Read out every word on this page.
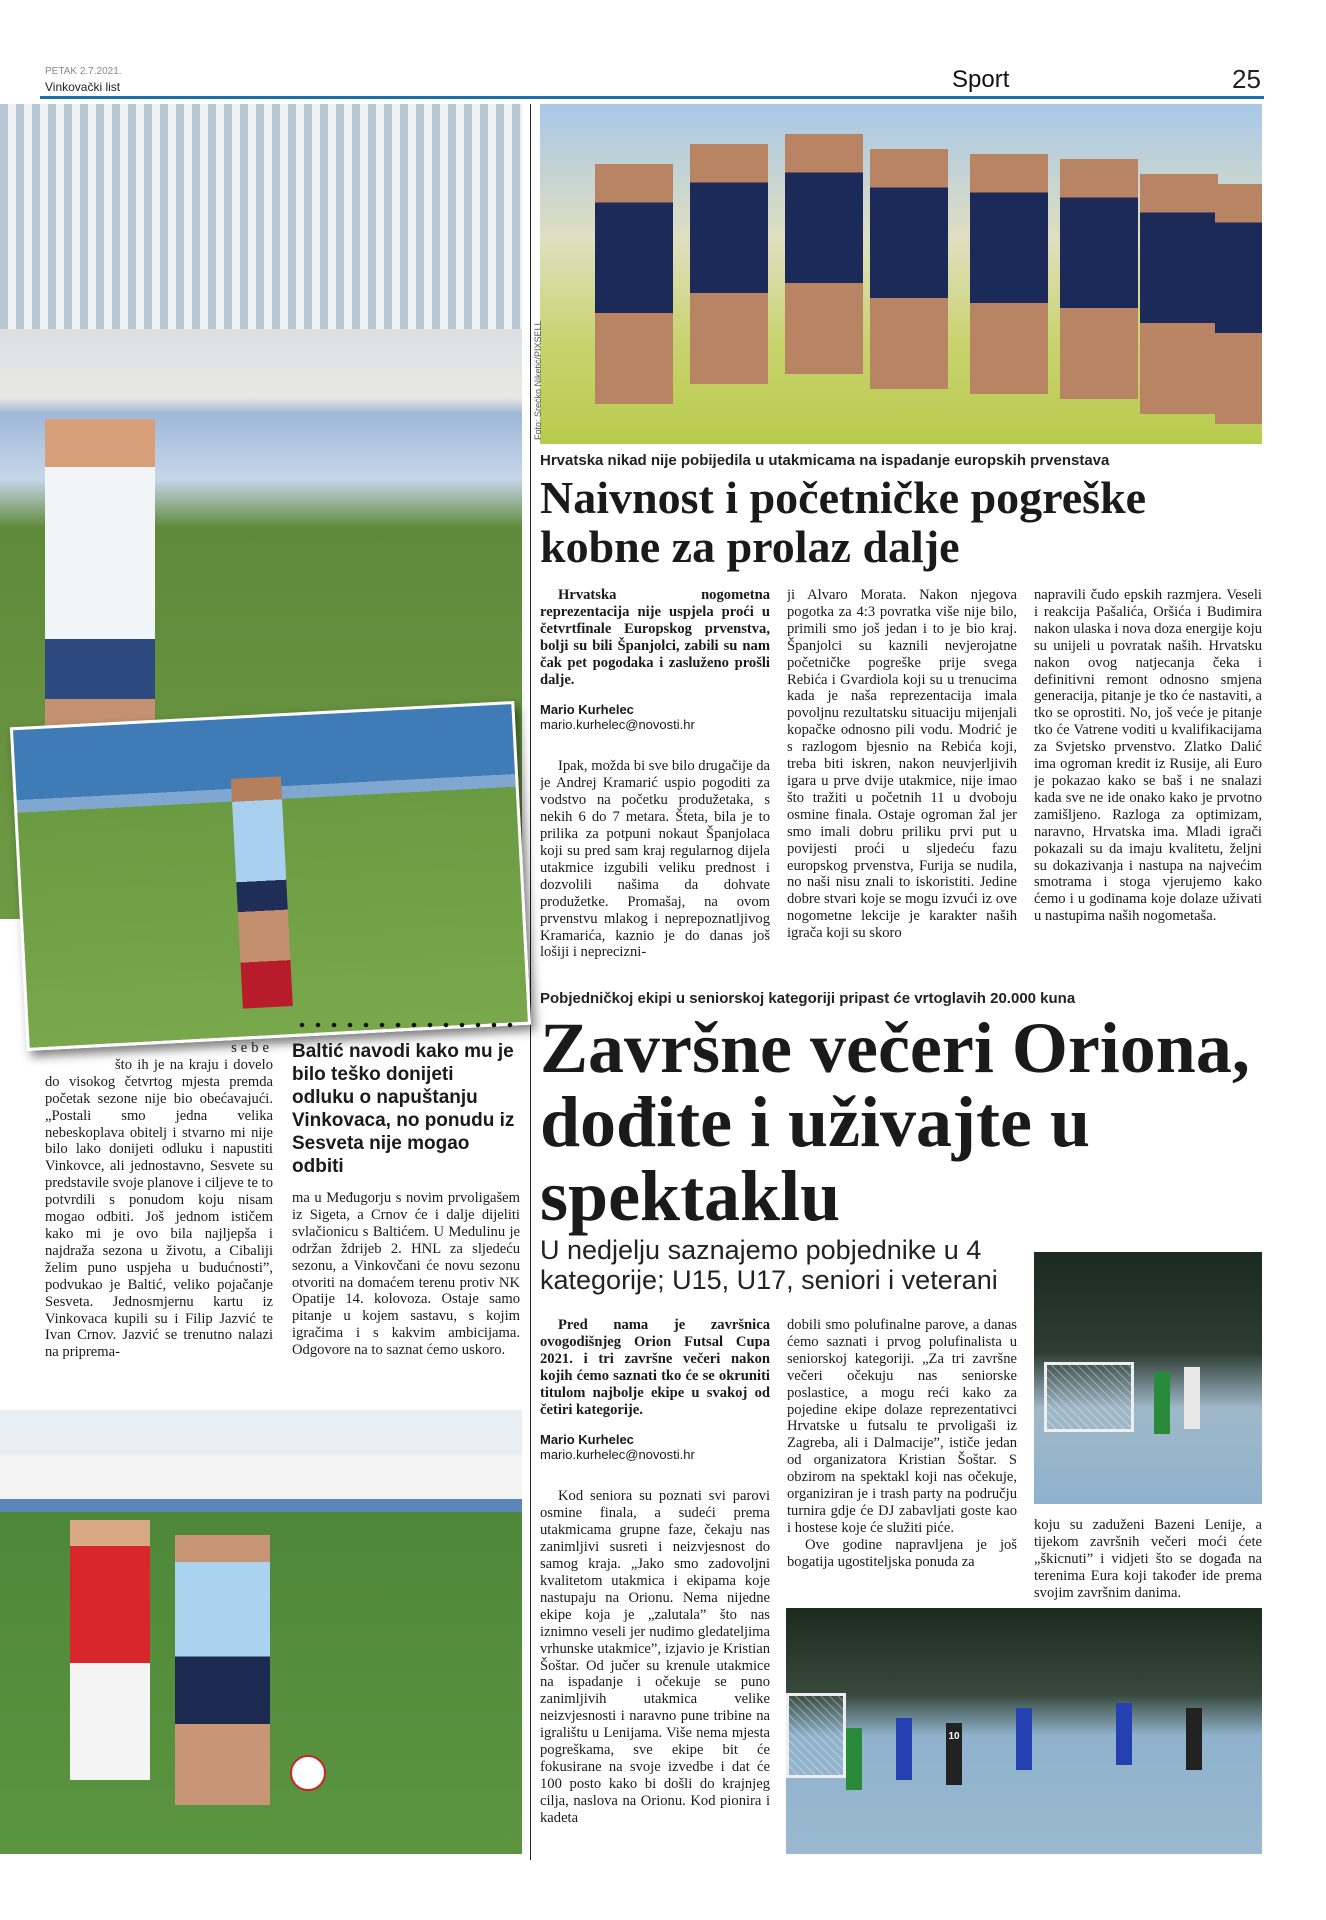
PETAK 2.7.2021.
Vinkovački list	Sport	25
Foto: Srećko Niketić/PIXSELL
Hrvatska nikad nije pobijedila u utakmicama na ispadanje europskih prvenstava
Naivnost i početničke pogreške kobne za prolaz dalje

Hrvatska nogometna reprezentacija nije uspjela proći u četvrtfinale Europskog prvenstva, bolji su bili Španjolci, zabili su nam čak pet pogodaka i zasluženo prošli dalje.

Mario Kurhelec
mario.kurhelec@novosti.hr

Ipak, možda bi sve bilo drugačije da je Andrej Kramarić uspio pogoditi za vodstvo na početku produžetaka, s nekih 6 do 7 metara. Šteta, bila je to prilika za potpuni nokaut Španjolaca koji su pred sam kraj regularnog dijela utakmice izgubili veliku prednost i dozvolili našima da dohvate produžetke. Promašaj, na ovom prvenstvu mlakog i neprepoznatljivog Kramarića, kaznio je do danas još lošiji i neprecizni-

ji Alvaro Morata. Nakon njegova pogotka za 4:3 povratka više nije bilo, primili smo još jedan i to je bio kraj. Španjolci su kaznili nevjerojatne početničke pogreške prije svega Rebića i Gvardiola koji su u trenucima kada je naša reprezentacija imala povoljnu rezultatsku situaciju mijenjali kopačke odnosno pili vodu. Modrić je s razlogom bjesnio na Rebića koji, treba biti iskren, nakon neuvjerljivih igara u prve dvije utakmice, nije imao što tražiti u početnih 11 u dvoboju osmine finala. Ostaje ogroman žal jer smo imali dobru priliku prvi put u povijesti proći u sljedeću fazu europskog prvenstva, Furija se nudila, no naši nisu znali to iskoristiti. Jedine dobre stvari koje se mogu izvući iz ove nogometne lekcije je karakter naših igrača koji su skoro

napravili čudo epskih razmjera. Veseli i reakcija Pašalića, Oršića i Budimira nakon ulaska i nova doza energije koju su unijeli u povratak naših. Hrvatsku nakon ovog natjecanja čeka i definitivni remont odnosno smjena generacija, pitanje je tko će nastaviti, a tko se oprostiti. No, još veće je pitanje tko će Vatrene voditi u kvalifikacijama za Svjetsko prvenstvo. Zlatko Dalić ima ogroman kredit iz Rusije, ali Euro je pokazao kako se baš i ne snalazi kada sve ne ide onako kako je prvotno zamišljeno. Razloga za optimizam, naravno, Hrvatska ima. Mladi igrači pokazali su da imaju kvalitetu, željni su dokazivanja i nastupa na najvećim smotrama i stoga vjerujemo kako ćemo i u godinama koje dolaze uživati u nastupima naših nogometaša.

sebe

što ih je na kraju i dovelo do visokog četvrtog mjesta premda početak sezone nije bio obećavajući. „Postali smo jedna velika nebeskoplava obitelj i stvarno mi nije bilo lako donijeti odluku i napustiti Vinkovce, ali jednostavno, Sesvete su predstavile svoje planove i ciljeve te to potvrdili s ponudom koju nisam mogao odbiti. Još jednom ističem kako mi je ovo bila najljepša i najdraža sezona u životu, a Cibaliji želim puno uspjeha u budućnosti”, podvukao je Baltić, veliko pojačanje Sesveta. Jednosmjernu kartu iz Vinkovaca kupili su i Filip Jazvić te Ivan Crnov. Jazvić se trenutno nalazi na priprema-

Baltić navodi kako mu je bilo teško donijeti odluku o napuštanju Vinkovaca, no ponudu iz Sesveta nije mogao odbiti

ma u Međugorju s novim prvoligašem iz Sigeta, a Crnov će i dalje dijeliti svlačionicu s Baltićem. U Medulinu je održan ždrijeb 2. HNL za sljedeću sezonu, a Vinkovčani će novu sezonu otvoriti na domaćem terenu protiv NK Opatije 14. kolovoza. Ostaje samo pitanje u kojem sastavu, s kojim igračima i s kakvim ambicijama. Odgovore na to saznat ćemo uskoro.

Pobjedničkoj ekipi u seniorskoj kategoriji pripast će vrtoglavih 20.000 kuna
Završne večeri Oriona, dođite i uživajte u spektaklu
U nedjelju saznajemo pobjednike u 4 kategorije; U15, U17, seniori i veterani

Pred nama je završnica ovogodišnjeg Orion Futsal Cupa 2021. i tri završne večeri nakon kojih ćemo saznati tko će se okruniti titulom najbolje ekipe u svakoj od četiri kategorije.

Mario Kurhelec
mario.kurhelec@novosti.hr

Kod seniora su poznati svi parovi osmine finala, a sudeći prema utakmicama grupne faze, čekaju nas zanimljivi susreti i neizvjesnost do samog kraja. „Jako smo zadovoljni kvalitetom utakmica i ekipama koje nastupaju na Orionu. Nema nijedne ekipe koja je „zalutala” što nas iznimno veseli jer nudimo gledateljima vrhunske utakmice”, izjavio je Kristian Šoštar. Od jučer su krenule utakmice na ispadanje i očekuje se puno zanimljivih utakmica velike neizvjesnosti i naravno pune tribine na igralištu u Lenijama. Više nema mjesta pogreškama, sve ekipe bit će fokusirane na svoje izvedbe i dat će 100 posto kako bi došli do krajnjeg cilja, naslova na Orionu. Kod pionira i kadeta

dobili smo polufinalne parove, a danas ćemo saznati i prvog polufinalista u seniorskoj kategoriji. „Za tri završne večeri očekuju nas seniorske poslastice, a mogu reći kako za pojedine ekipe dolaze reprezentativci Hrvatske u futsalu te prvoligaši iz Zagreba, ali i Dalmacije”, ističe jedan od organizatora Kristian Šoštar. S obzirom na spektakl koji nas očekuje, organiziran je i trash party na području turnira gdje će DJ zabavljati goste kao i hostese koje će služiti piće.

Ove godine napravljena je još bogatija ugostiteljska ponuda za

koju su zaduženi Bazeni Lenije, a tijekom završnih večeri moći ćete „škicnuti” i vidjeti što se događa na terenima Eura koji također ide prema svojim završnim danima.

10
